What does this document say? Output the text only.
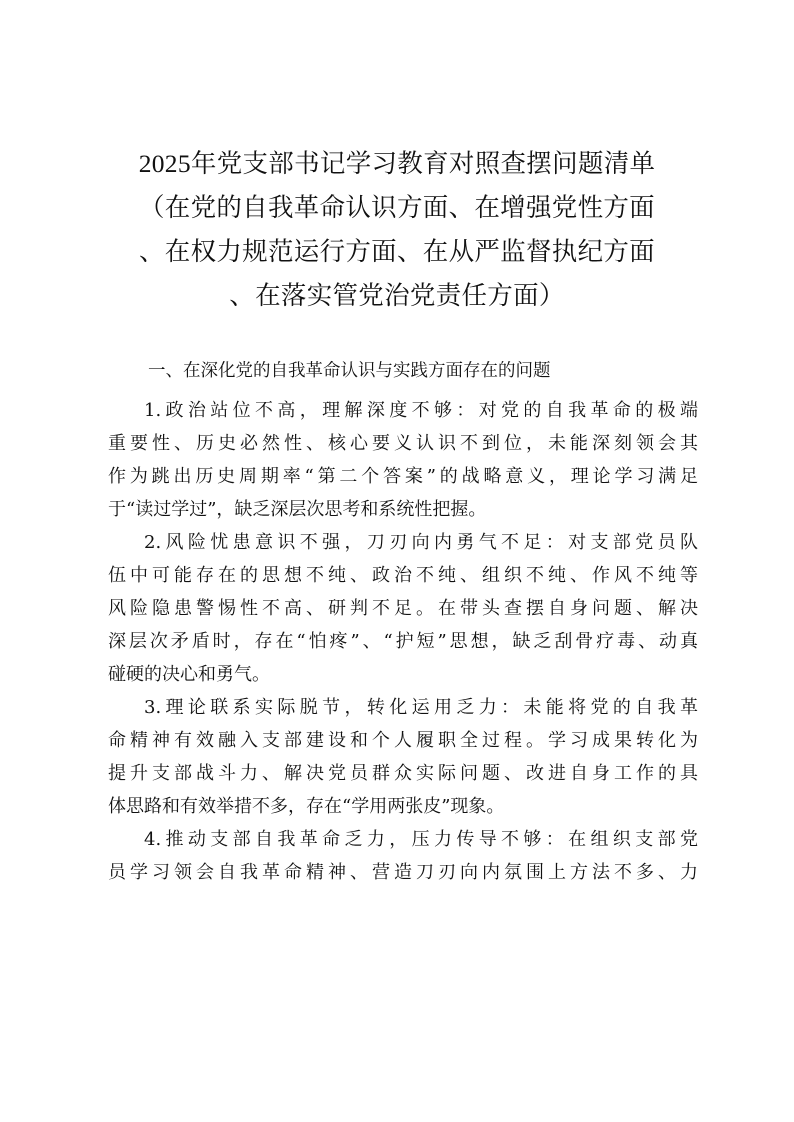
2025年党支部书记学习教育对照查摆问题清单
（在党的自我革命认识方面、在增强党性方面
、在权力规范运行方面、在从严监督执纪方面
、在落实管党治党责任方面）
一、在深化党的自我革命认识与实践方面存在的问题

1.政治站位不高，理解深度不够：对党的自我革命的极端
重要性、历史必然性、核心要义认识不到位，未能深刻领会其
作为跳出历史周期率“第二个答案”的战略意义，理论学习满足
于“读过学过”，缺乏深层次思考和系统性把握。

2.风险忧患意识不强，刀刃向内勇气不足：对支部党员队
伍中可能存在的思想不纯、政治不纯、组织不纯、作风不纯等
风险隐患警惕性不高、研判不足。在带头查摆自身问题、解决
深层次矛盾时，存在“怕疼”、“护短”思想，缺乏刮骨疗毒、动真
碰硬的决心和勇气。

3.理论联系实际脱节，转化运用乏力：未能将党的自我革
命精神有效融入支部建设和个人履职全过程。学习成果转化为
提升支部战斗力、解决党员群众实际问题、改进自身工作的具
体思路和有效举措不多，存在“学用两张皮”现象。

4.推动支部自我革命乏力，压力传导不够：在组织支部党
员学习领会自我革命精神、营造刀刃向内氛围上方法不多、力
